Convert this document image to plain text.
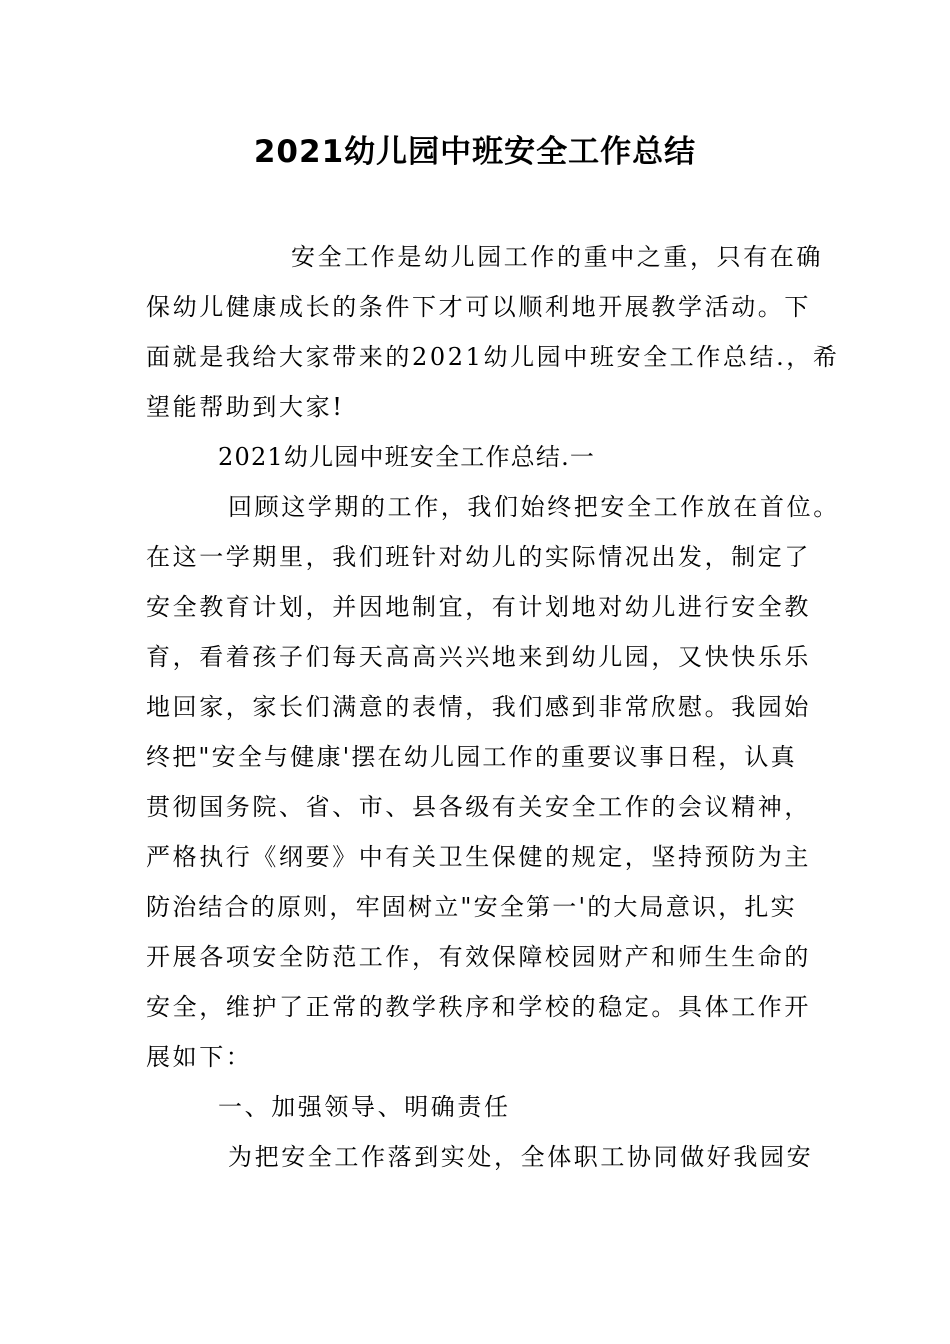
2021幼儿园中班安全工作总结
安全工作是幼儿园工作的重中之重，只有在确
保幼儿健康成长的条件下才可以顺利地开展教学活动。下
面就是我给大家带来的2021幼儿园中班安全工作总结.，希
望能帮助到大家!
2021幼儿园中班安全工作总结.一
回顾这学期的工作，我们始终把安全工作放在首位。
在这一学期里，我们班针对幼儿的实际情况出发，制定了
安全教育计划，并因地制宜，有计划地对幼儿进行安全教
育，看着孩子们每天高高兴兴地来到幼儿园，又快快乐乐
地回家，家长们满意的表情，我们感到非常欣慰。我园始
终把"安全与健康'摆在幼儿园工作的重要议事日程，认真
贯彻国务院、省、市、县各级有关安全工作的会议精神，
严格执行《纲要》中有关卫生保健的规定，坚持预防为主
防治结合的原则，牢固树立"安全第一'的大局意识，扎实
开展各项安全防范工作，有效保障校园财产和师生生命的
安全，维护了正常的教学秩序和学校的稳定。具体工作开
展如下：
一、加强领导、明确责任
为把安全工作落到实处，全体职工协同做好我园安
